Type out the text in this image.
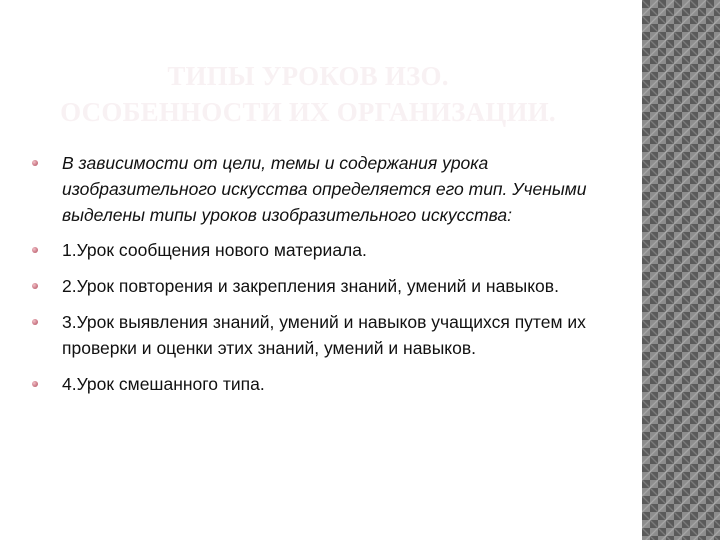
ТИПЫ УРОКОВ ИЗО.
ОСОБЕННОСТИ ИХ ОРГАНИЗАЦИИ.
В зависимости от цели, темы и содержания урока изобразительного искусства определяется его тип. Учеными выделены типы уроков изобразительного искусства:
1.Урок сообщения нового материала.
2.Урок повторения и закрепления знаний, умений и навыков.
3.Урок выявления знаний, умений и навыков учащихся путем их проверки и оценки этих знаний, умений и навыков.
4.Урок смешанного типа.
